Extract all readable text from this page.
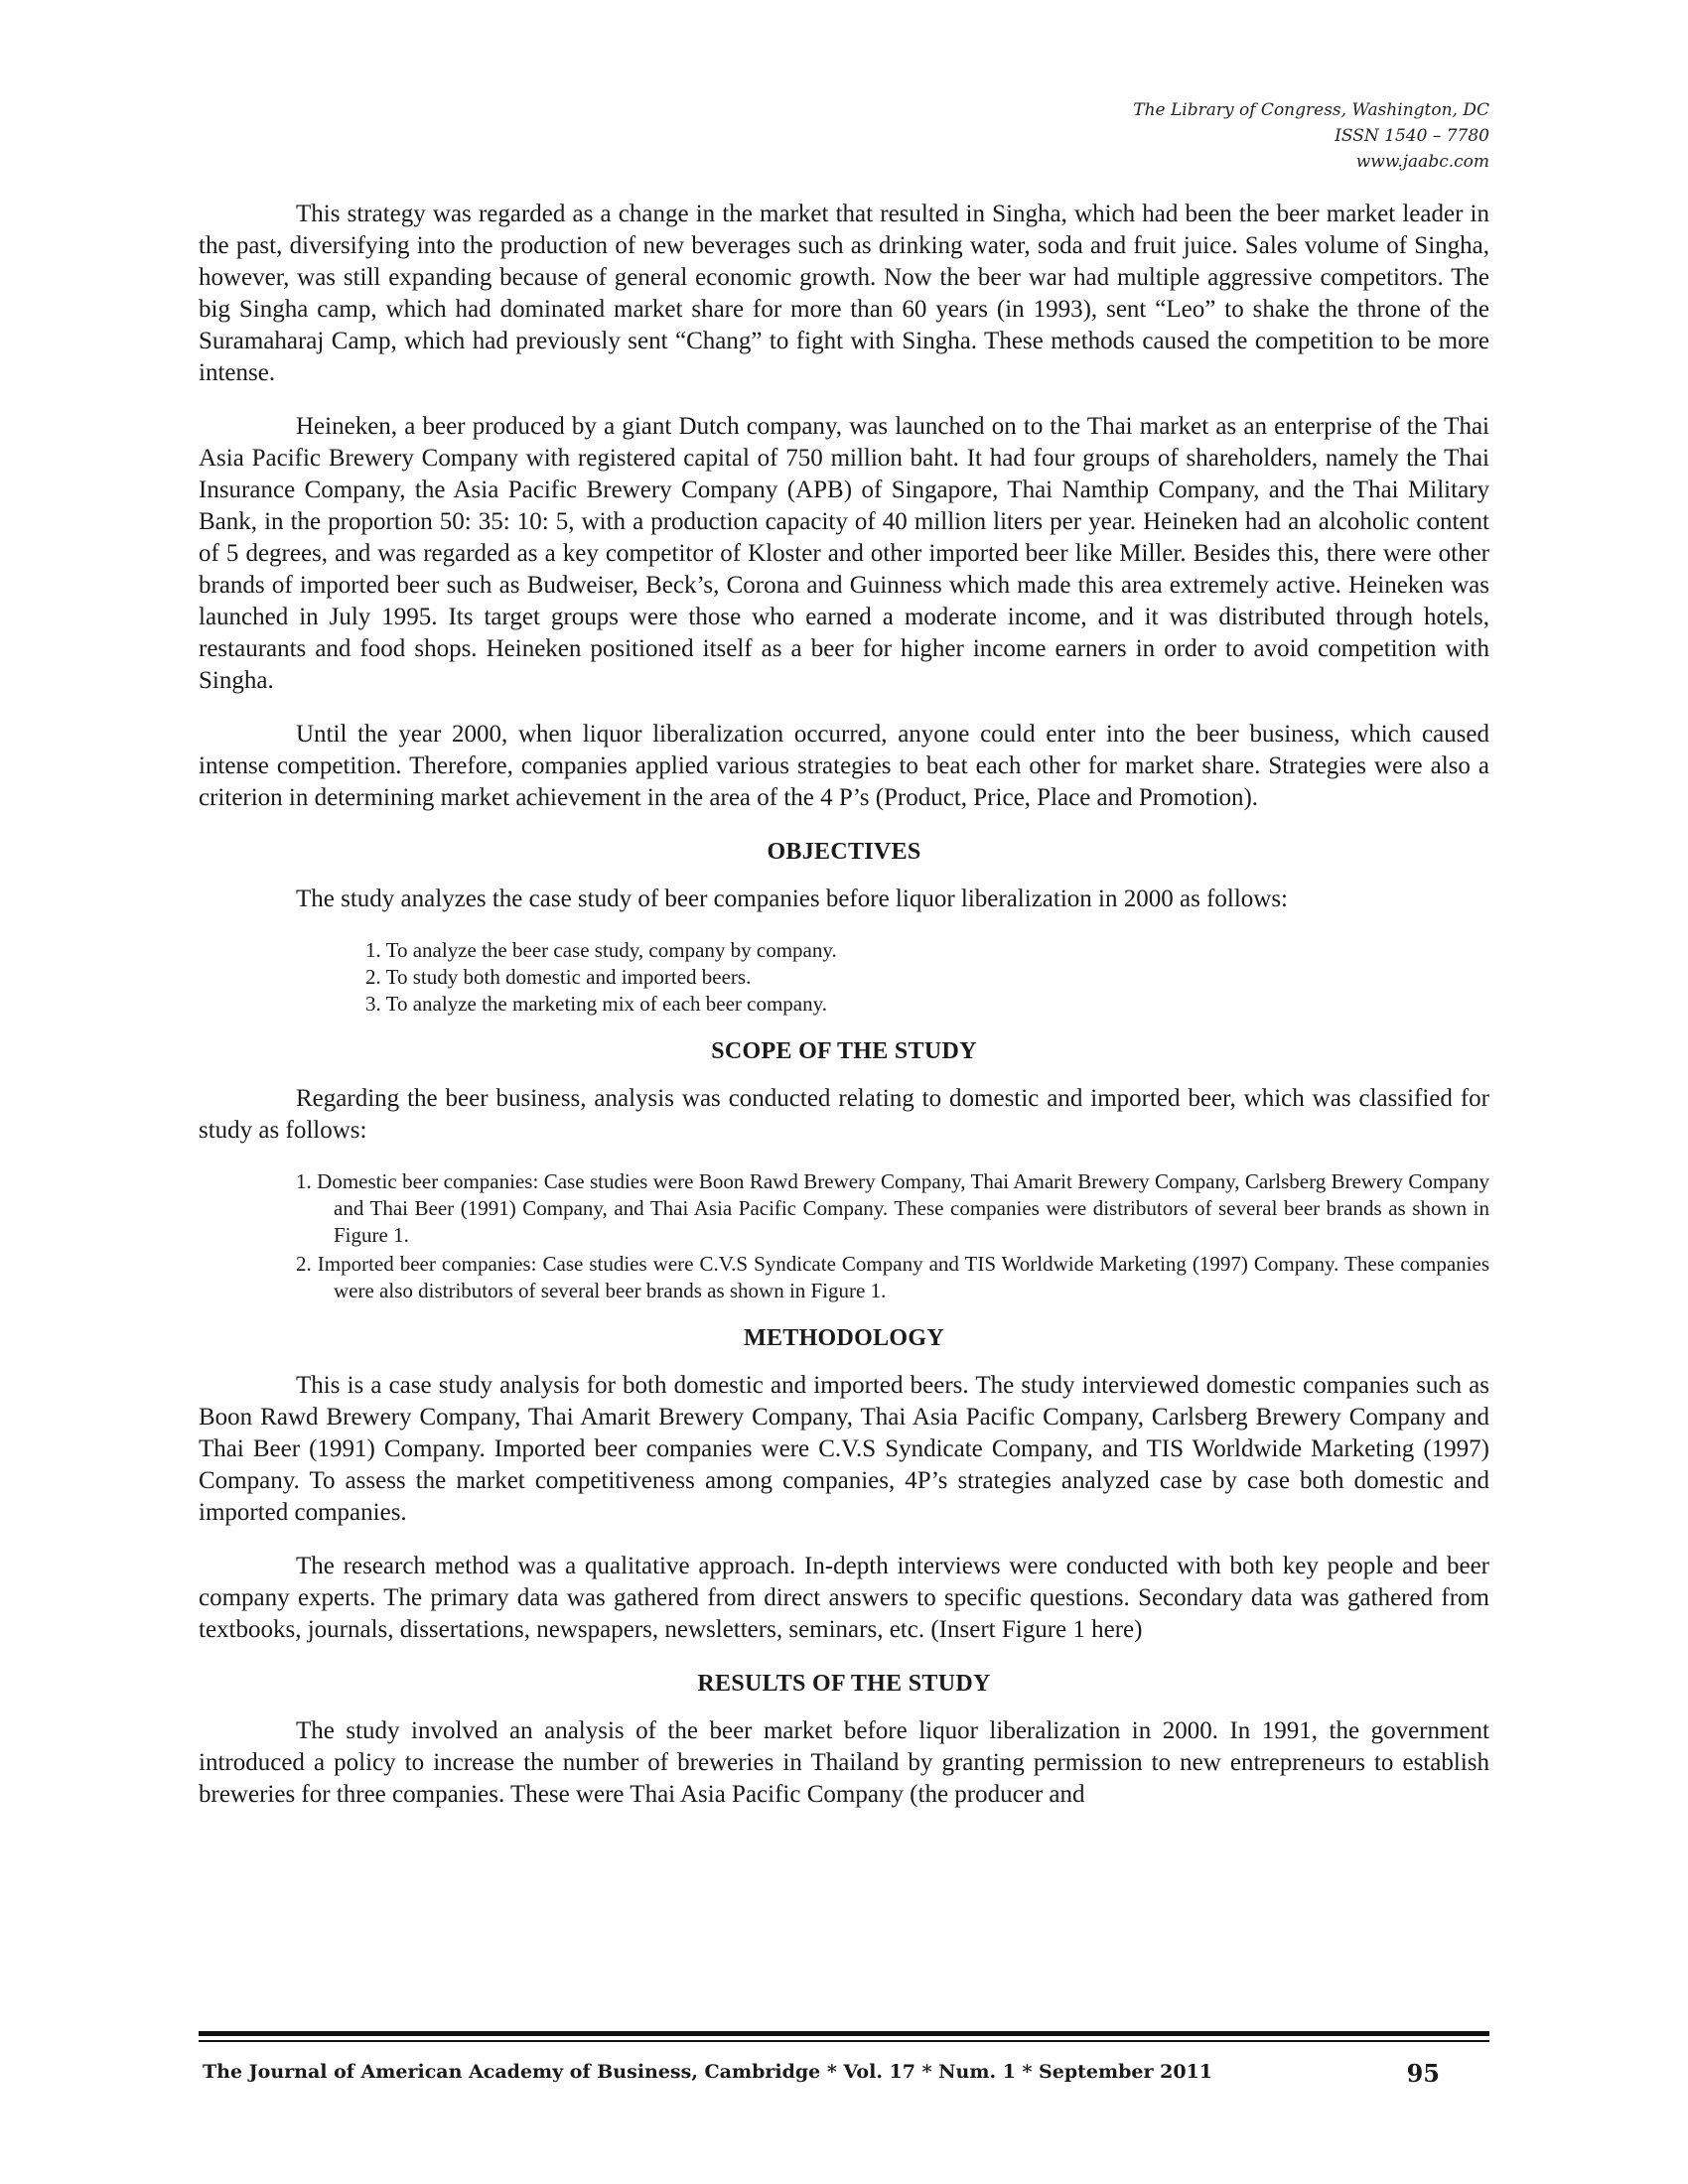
The Library of Congress, Washington, DC
ISSN 1540 – 7780
www.jaabc.com

This strategy was regarded as a change in the market that resulted in Singha, which had been the beer market leader in the past, diversifying into the production of new beverages such as drinking water, soda and fruit juice. Sales volume of Singha, however, was still expanding because of general economic growth. Now the beer war had multiple aggressive competitors. The big Singha camp, which had dominated market share for more than 60 years (in 1993), sent “Leo” to shake the throne of the Suramaharaj Camp, which had previously sent “Chang” to fight with Singha. These methods caused the competition to be more intense.

Heineken, a beer produced by a giant Dutch company, was launched on to the Thai market as an enterprise of the Thai Asia Pacific Brewery Company with registered capital of 750 million baht. It had four groups of shareholders, namely the Thai Insurance Company, the Asia Pacific Brewery Company (APB) of Singapore, Thai Namthip Company, and the Thai Military Bank, in the proportion 50: 35: 10: 5, with a production capacity of 40 million liters per year. Heineken had an alcoholic content of 5 degrees, and was regarded as a key competitor of Kloster and other imported beer like Miller. Besides this, there were other brands of imported beer such as Budweiser, Beck’s, Corona and Guinness which made this area extremely active. Heineken was launched in July 1995. Its target groups were those who earned a moderate income, and it was distributed through hotels, restaurants and food shops. Heineken positioned itself as a beer for higher income earners in order to avoid competition with Singha.

Until the year 2000, when liquor liberalization occurred, anyone could enter into the beer business, which caused intense competition. Therefore, companies applied various strategies to beat each other for market share. Strategies were also a criterion in determining market achievement in the area of the 4 P’s (Product, Price, Place and Promotion).

OBJECTIVES

The study analyzes the case study of beer companies before liquor liberalization in 2000 as follows:

1. To analyze the beer case study, company by company.
2. To study both domestic and imported beers.
3. To analyze the marketing mix of each beer company.
SCOPE OF THE STUDY

Regarding the beer business, analysis was conducted relating to domestic and imported beer, which was classified for study as follows:

1. Domestic beer companies: Case studies were Boon Rawd Brewery Company, Thai Amarit Brewery Company, Carlsberg Brewery Company and Thai Beer (1991) Company, and Thai Asia Pacific Company. These companies were distributors of several beer brands as shown in Figure 1.
2. Imported beer companies: Case studies were C.V.S Syndicate Company and TIS Worldwide Marketing (1997) Company. These companies were also distributors of several beer brands as shown in Figure 1.
METHODOLOGY

This is a case study analysis for both domestic and imported beers. The study interviewed domestic companies such as Boon Rawd Brewery Company, Thai Amarit Brewery Company, Thai Asia Pacific Company, Carlsberg Brewery Company and Thai Beer (1991) Company. Imported beer companies were C.V.S Syndicate Company, and TIS Worldwide Marketing (1997) Company. To assess the market competitiveness among companies, 4P’s strategies analyzed case by case both domestic and imported companies.

The research method was a qualitative approach. In-depth interviews were conducted with both key people and beer company experts. The primary data was gathered from direct answers to specific questions. Secondary data was gathered from textbooks, journals, dissertations, newspapers, newsletters, seminars, etc. (Insert Figure 1 here)

RESULTS OF THE STUDY

The study involved an analysis of the beer market before liquor liberalization in 2000. In 1991, the government introduced a policy to increase the number of breweries in Thailand by granting permission to new entrepreneurs to establish breweries for three companies. These were Thai Asia Pacific Company (the producer and

The Journal of American Academy of Business, Cambridge * Vol. 17 * Num. 1 * September 2011	95
